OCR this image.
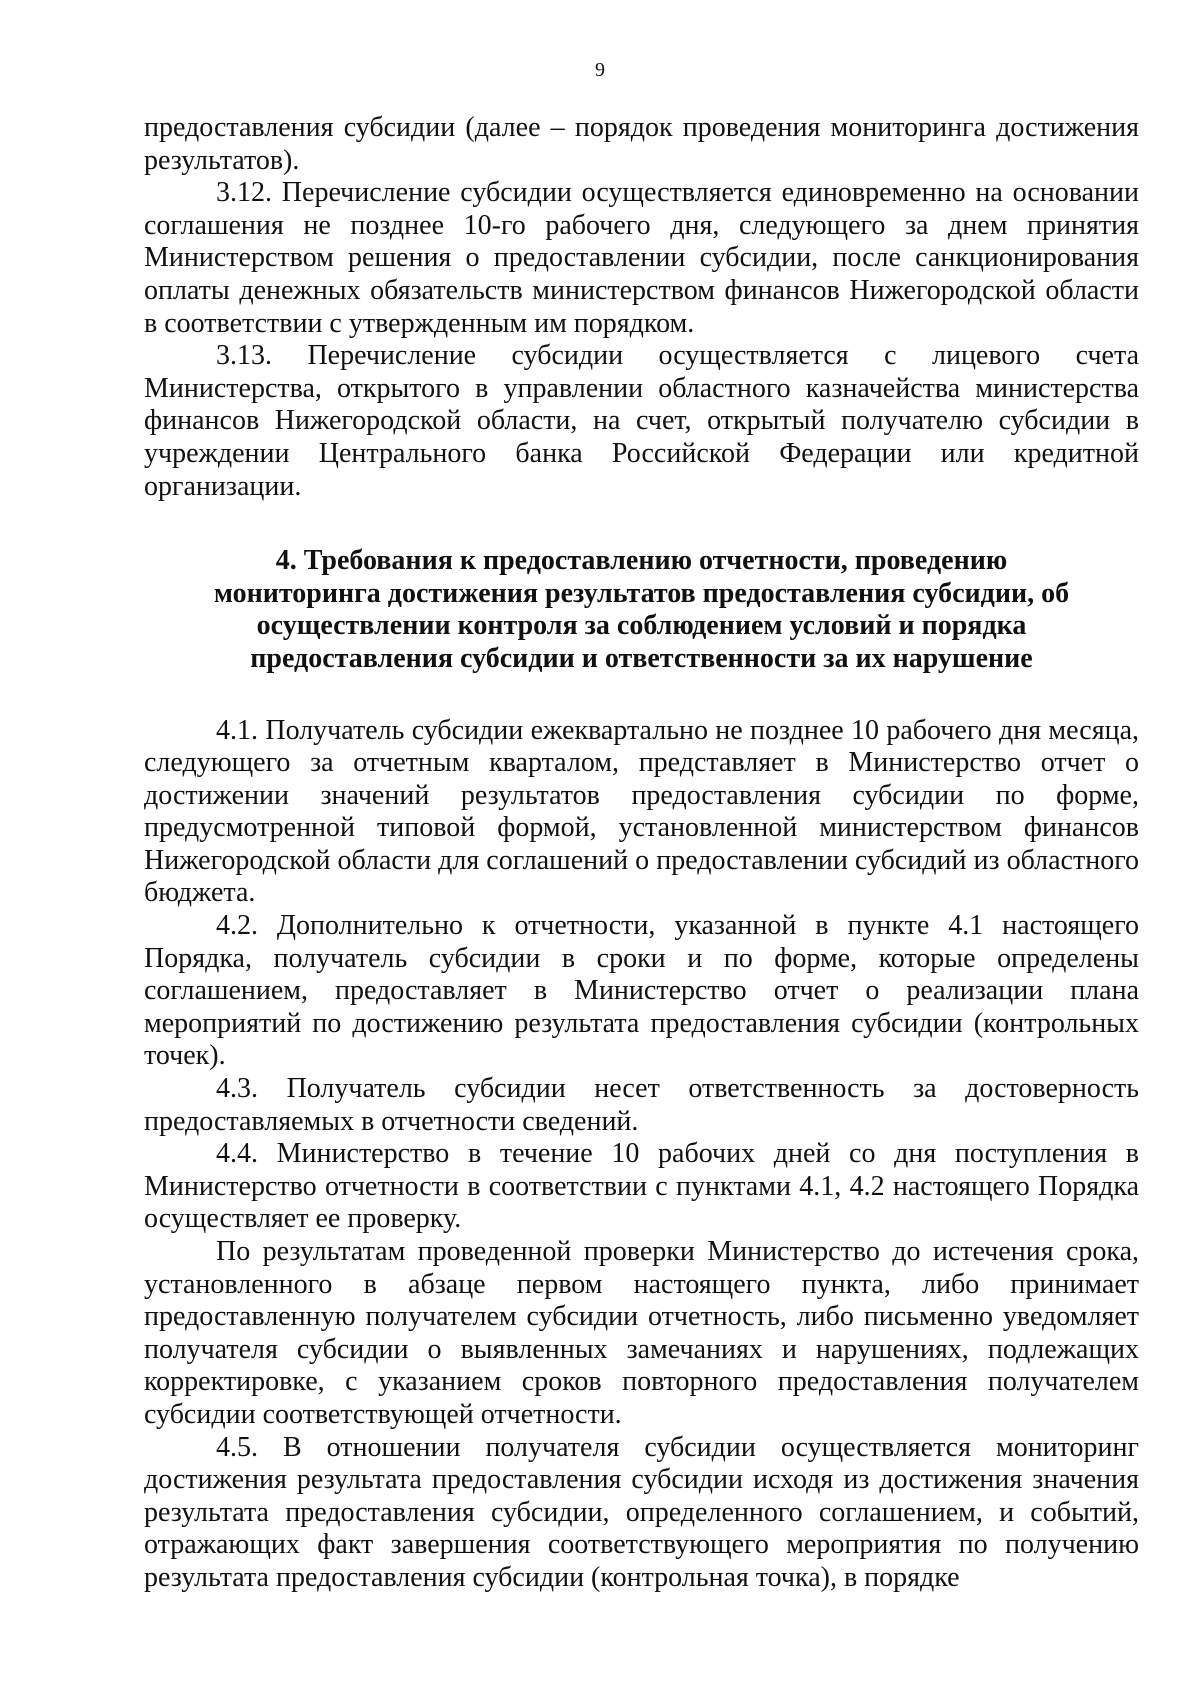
9

предоставления субсидии (далее – порядок проведения мониторинга достижения результатов).

3.12. Перечисление субсидии осуществляется единовременно на основании соглашения не позднее 10-го рабочего дня, следующего за днем принятия Министерством решения о предоставлении субсидии, после санкционирования оплаты денежных обязательств министерством финансов Нижегородской области в соответствии с утвержденным им порядком.

3.13. Перечисление субсидии осуществляется с лицевого счета Министерства, открытого в управлении областного казначейства министерства финансов Нижегородской области, на счет, открытый получателю субсидии в учреждении Центрального банка Российской Федерации или кредитной организации.

4. Требования к предоставлению отчетности, проведению мониторинга достижения результатов предоставления субсидии, об осуществлении контроля за соблюдением условий и порядка предоставления субсидии и ответственности за их нарушение

4.1. Получатель субсидии ежеквартально не позднее 10 рабочего дня месяца, следующего за отчетным кварталом, представляет в Министерство отчет о достижении значений результатов предоставления субсидии по форме, предусмотренной типовой формой, установленной министерством финансов Нижегородской области для соглашений о предоставлении субсидий из областного бюджета.

4.2. Дополнительно к отчетности, указанной в пункте 4.1 настоящего Порядка, получатель субсидии в сроки и по форме, которые определены соглашением, предоставляет в Министерство отчет о реализации плана мероприятий по достижению результата предоставления субсидии (контрольных точек).

4.3. Получатель субсидии несет ответственность за достоверность предоставляемых в отчетности сведений.

4.4. Министерство в течение 10 рабочих дней со дня поступления в Министерство отчетности в соответствии с пунктами 4.1, 4.2 настоящего Порядка осуществляет ее проверку.

По результатам проведенной проверки Министерство до истечения срока, установленного в абзаце первом настоящего пункта, либо принимает предоставленную получателем субсидии отчетность, либо письменно уведомляет получателя субсидии о выявленных замечаниях и нарушениях, подлежащих корректировке, с указанием сроков повторного предоставления получателем субсидии соответствующей отчетности.

4.5. В отношении получателя субсидии осуществляется мониторинг достижения результата предоставления субсидии исходя из достижения значения результата предоставления субсидии, определенного соглашением, и событий, отражающих факт завершения соответствующего мероприятия по получению результата предоставления субсидии (контрольная точка), в порядке
